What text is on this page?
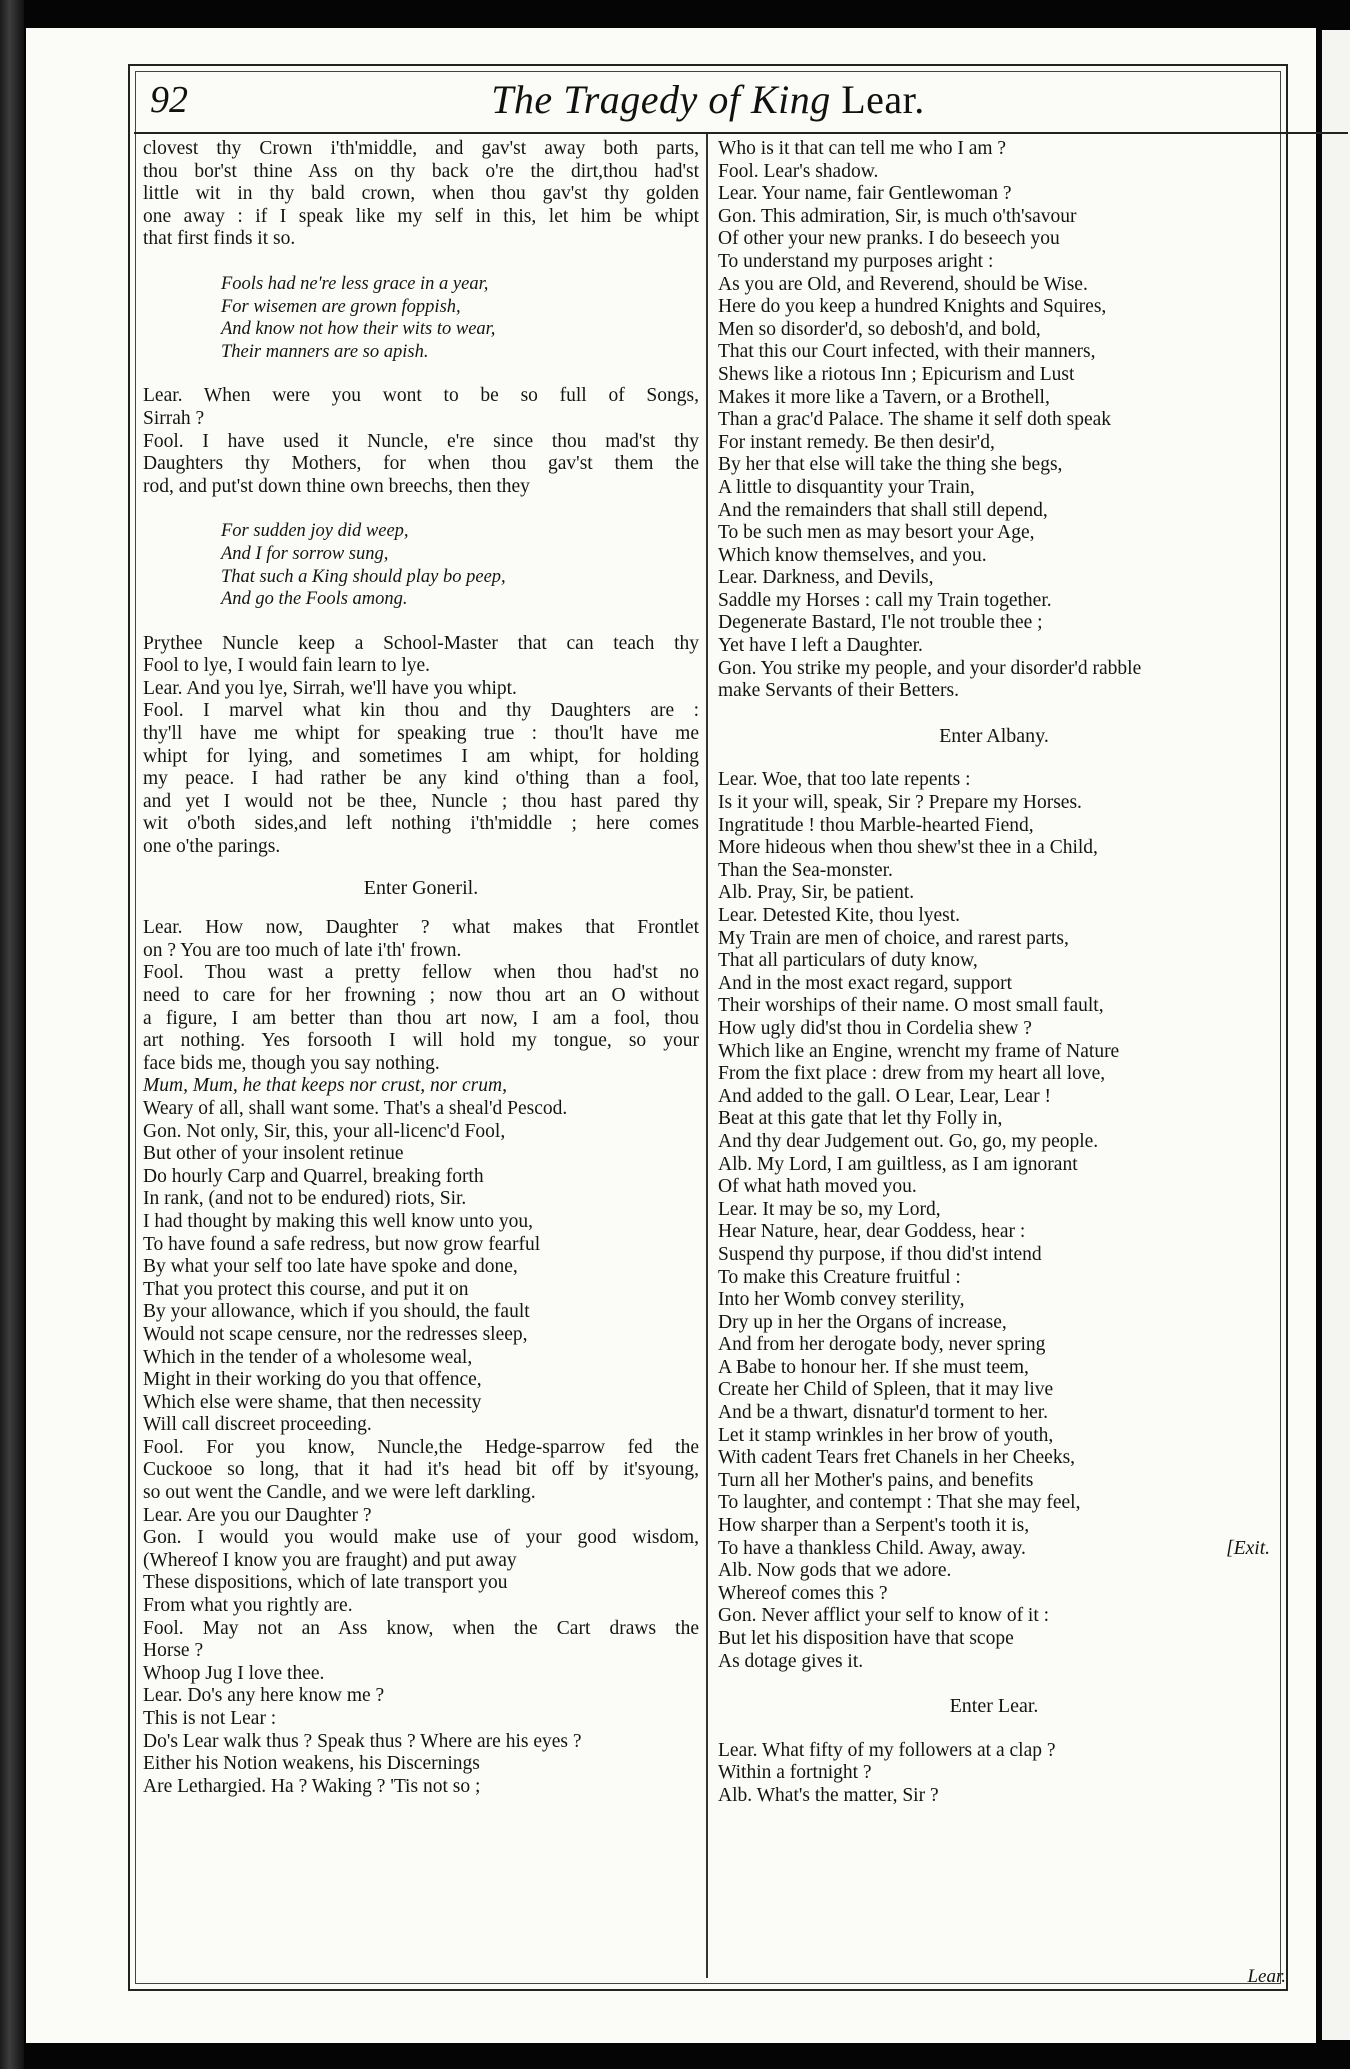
92	The Tragedy of King Lear.
clovest thy Crown i'th'middle, and gav'st away both parts,
thou bor'st thine Ass on thy back o're the dirt,thou had'st
little wit in thy bald crown, when thou gav'st thy golden
one away : if I speak like my self in this, let him be whipt
that first finds it so.
Fools had ne're less grace in a year,
For wisemen are grown foppish,
And know not how their wits to wear,
Their manners are so apish.
Lear. When were you wont to be so full of Songs,
Sirrah ?
Fool. I have used it Nuncle, e're since thou mad'st thy
Daughters thy Mothers, for when thou gav'st them the
rod, and put'st down thine own breechs, then they
For sudden joy did weep,
And I for sorrow sung,
That such a King should play bo peep,
And go the Fools among.
Prythee Nuncle keep a School-Master that can teach thy
Fool to lye, I would fain learn to lye.
Lear. And you lye, Sirrah, we'll have you whipt.
Fool. I marvel what kin thou and thy Daughters are :
thy'll have me whipt for speaking true : thou'lt have me
whipt for lying, and sometimes I am whipt, for holding
my peace. I had rather be any kind o'thing than a fool,
and yet I would not be thee, Nuncle ; thou hast pared thy
wit o'both sides,and left nothing i'th'middle ; here comes
one o'the parings.
Enter Goneril.
Lear. How now, Daughter ? what makes that Frontlet
on ? You are too much of late i'th' frown.
Fool. Thou wast a pretty fellow when thou had'st no
need to care for her frowning ; now thou art an O without
a figure, I am better than thou art now, I am a fool, thou
art nothing. Yes forsooth I will hold my tongue, so your
face bids me, though you say nothing.
Mum, Mum, he that keeps nor crust, nor crum,
Weary of all, shall want some. That's a sheal'd Pescod.
Gon. Not only, Sir, this, your all-licenc'd Fool,
But other of your insolent retinue
Do hourly Carp and Quarrel, breaking forth
In rank, (and not to be endured) riots, Sir.
I had thought by making this well know unto you,
To have found a safe redress, but now grow fearful
By what your self too late have spoke and done,
That you protect this course, and put it on
By your allowance, which if you should, the fault
Would not scape censure, nor the redresses sleep,
Which in the tender of a wholesome weal,
Might in their working do you that offence,
Which else were shame, that then necessity
Will call discreet proceeding.
Fool. For you know, Nuncle,the Hedge-sparrow fed the
Cuckooe so long, that it had it's head bit off by it'syoung,
so out went the Candle, and we were left darkling.
Lear. Are you our Daughter ?
Gon. I would you would make use of your good wisdom,
(Whereof I know you are fraught) and put away
These dispositions, which of late transport you
From what you rightly are.
Fool. May not an Ass know, when the Cart draws the
Horse ?
Whoop Jug I love thee.
Lear. Do's any here know me ?
This is not Lear :
Do's Lear walk thus ? Speak thus ? Where are his eyes ?
Either his Notion weakens, his Discernings
Are Lethargied. Ha ? Waking ? 'Tis not so ;
Who is it that can tell me who I am ?
Fool. Lear's shadow.
Lear. Your name, fair Gentlewoman ?
Gon. This admiration, Sir, is much o'th'savour
Of other your new pranks. I do beseech you
To understand my purposes aright :
As you are Old, and Reverend, should be Wise.
Here do you keep a hundred Knights and Squires,
Men so disorder'd, so debosh'd, and bold,
That this our Court infected, with their manners,
Shews like a riotous Inn ; Epicurism and Lust
Makes it more like a Tavern, or a Brothell,
Than a grac'd Palace. The shame it self doth speak
For instant remedy. Be then desir'd,
By her that else will take the thing she begs,
A little to disquantity your Train,
And the remainders that shall still depend,
To be such men as may besort your Age,
Which know themselves, and you.
Lear. Darkness, and Devils,
Saddle my Horses : call my Train together.
Degenerate Bastard, I'le not trouble thee ;
Yet have I left a Daughter.
Gon. You strike my people, and your disorder'd rabble
make Servants of their Betters.
Enter Albany.
Lear. Woe, that too late repents :
Is it your will, speak, Sir ? Prepare my Horses.
Ingratitude ! thou Marble-hearted Fiend,
More hideous when thou shew'st thee in a Child,
Than the Sea-monster.
Alb. Pray, Sir, be patient.
Lear. Detested Kite, thou lyest.
My Train are men of choice, and rarest parts,
That all particulars of duty know,
And in the most exact regard, support
Their worships of their name. O most small fault,
How ugly did'st thou in Cordelia shew ?
Which like an Engine, wrencht my frame of Nature
From the fixt place : drew from my heart all love,
And added to the gall. O Lear, Lear, Lear !
Beat at this gate that let thy Folly in,
And thy dear Judgement out. Go, go, my people.
Alb. My Lord, I am guiltless, as I am ignorant
Of what hath moved you.
Lear. It may be so, my Lord,
Hear Nature, hear, dear Goddess, hear :
Suspend thy purpose, if thou did'st intend
To make this Creature fruitful :
Into her Womb convey sterility,
Dry up in her the Organs of increase,
And from her derogate body, never spring
A Babe to honour her. If she must teem,
Create her Child of Spleen, that it may live
And be a thwart, disnatur'd torment to her.
Let it stamp wrinkles in her brow of youth,
With cadent Tears fret Chanels in her Cheeks,
Turn all her Mother's pains, and benefits
To laughter, and contempt : That she may feel,
How sharper than a Serpent's tooth it is,
To have a thankless Child. Away, away.	[Exit.
Alb. Now gods that we adore.
Whereof comes this ?
Gon. Never afflict your self to know of it :
But let his disposition have that scope
As dotage gives it.
Enter Lear.
Lear. What fifty of my followers at a clap ?
Within a fortnight ?
Alb. What's the matter, Sir ?
Lear.
